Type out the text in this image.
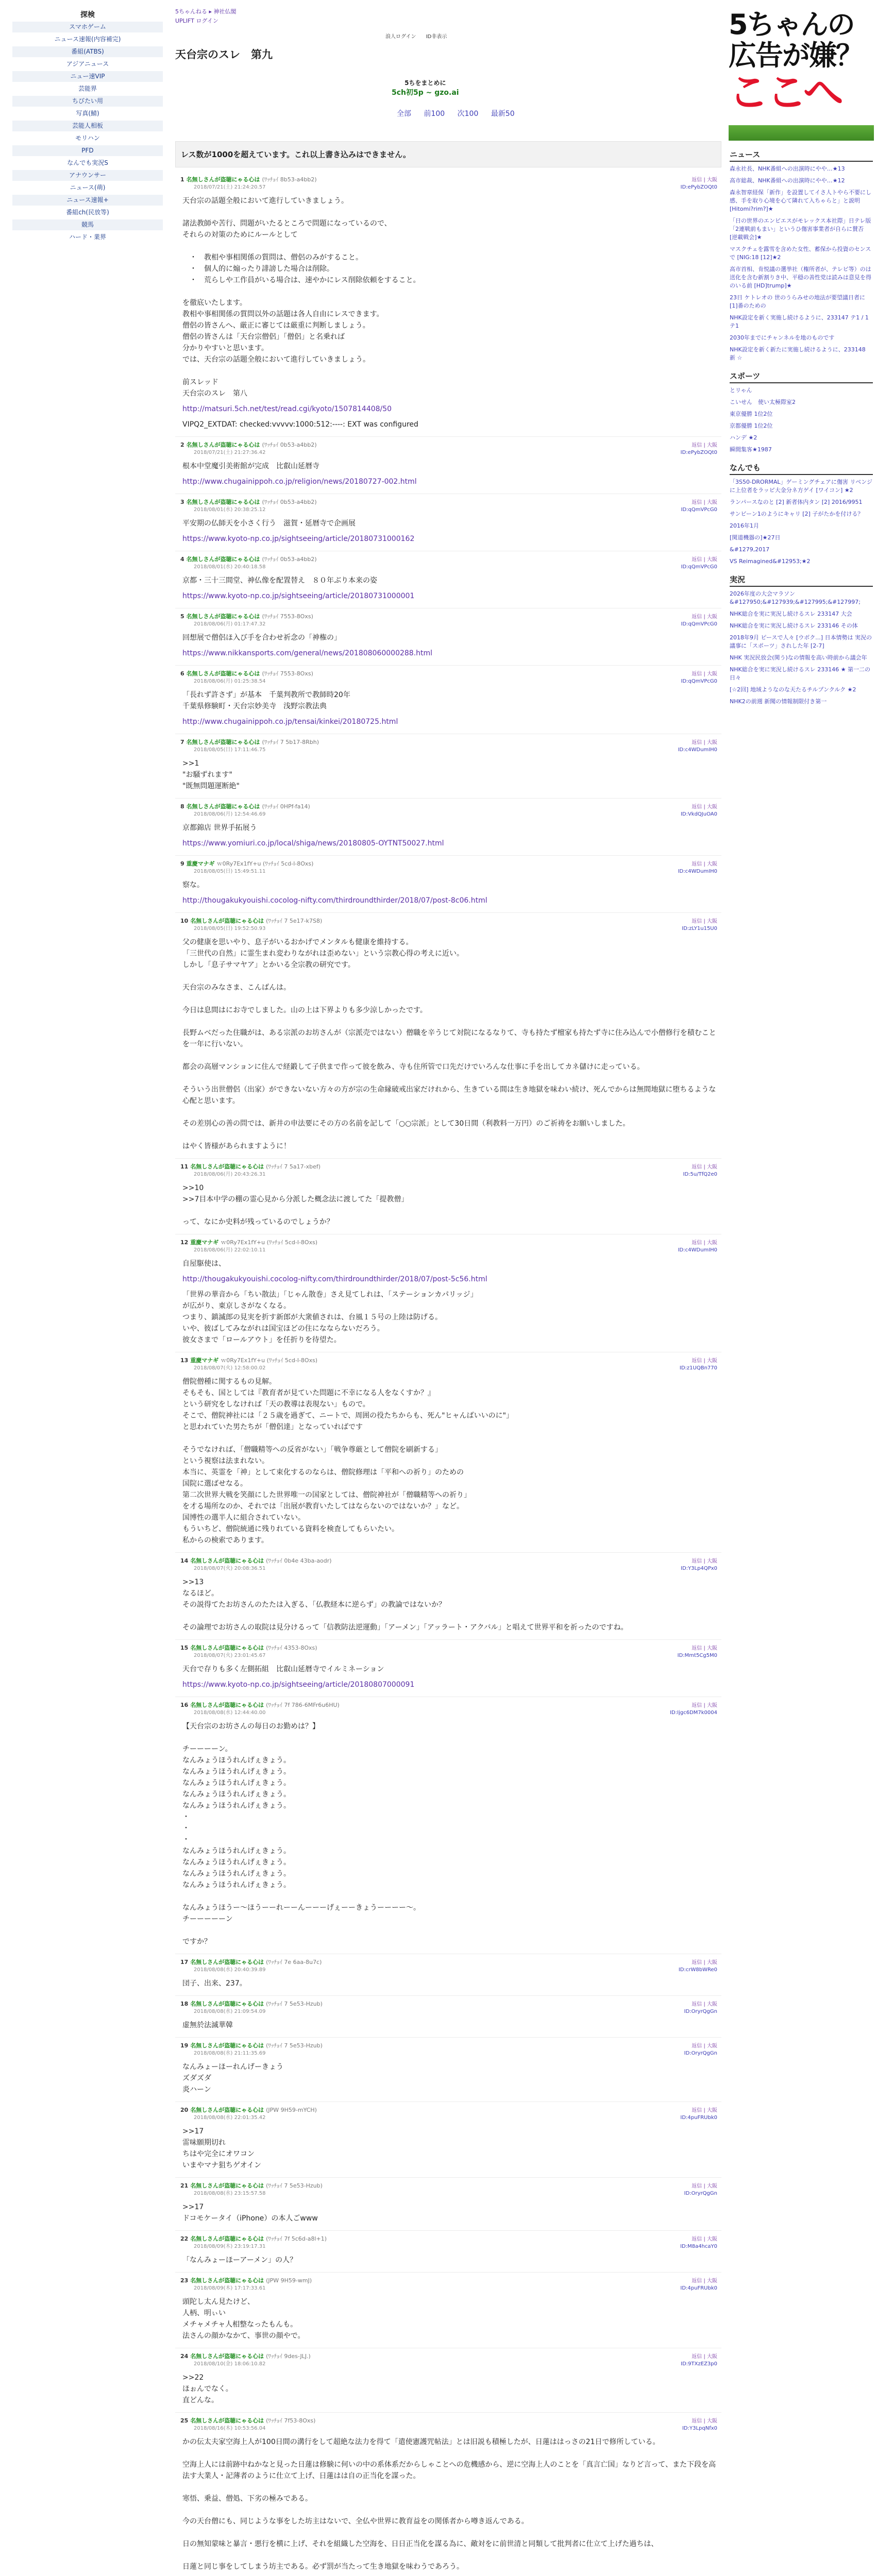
探検
スマホゲーム
ニュース速報(内容補完)
番組(ATBS)
アジアニュース
ニュー速VIP
芸能界
ちびたい用
写真(鯖)
芸能人相板
モリハン
PFD
なんでも実況S
アナウンサー
ニュース(萌)
ニュース速報+
番組ch(民放等)
競馬
ハード・業界
5ちゃんねる ▸ 神社仏閣
UPLIFT ログイン
浪人ログイン ID非表示
天台宗のスレ　第九
5ちをまとめに
5ch初5p ~ gzo.ai
全部 前100 次100 最新50
レス数が1000を超えています。これ以上書き込みはできません。
1 名無しさんが盗聴にゃる心は (ﾜｯﾁｮｲ 8b53-a4bb2)
2018/07/21(土) 21:24:20.57
返信 | 大阪
ID:ePybZOQt0
天台宗の話題全般において進行していきましょう。

諸法教師や苦行、問題がいたるところで問題になっているので、
それらの対策のためにルールとして

　・　教相や事相関係の質問は、僧侶のみがすること。
　・　個人的に煽ったり誹謗した場合は削除。
　・　荒らしや工作員がいる場合は、速やかにレス削除依頼をすること。

を徹底いたします。
教相や事相関係の質問以外の話題は各人自由にレスできます。
僧侶の皆さんへ、厳正に審じては厳重に判断しましょう。
僧侶の皆さんは「天台宗僧侶」「僧侶」と名乗れば
分かりやすいと思います。
では、天台宗の話題全般において進行していきましょう。

前スレッド
天台宗のスレ　第八
http://matsuri.5ch.net/test/read.cgi/kyoto/1507814408/50
VIPQ2_EXTDAT: checked:vvvvv:1000:512:----: EXT was configured
2 名無しさんが盗聴にゃる心は (ﾜｯﾁｮｲ 0b53-a4bb2)
2018/07/21(土) 21:27:36.42
返信 | 大阪
ID:ePybZOQt0
根本中堂魔引美術館が完成　比叡山延暦寺
http://www.chugainippoh.co.jp/religion/news/20180727-002.html
3 名無しさんが盗聴にゃる心は (ﾜｯﾁｮｲ 0b53-a4bb2)
2018/08/01(水) 20:38:25.12
返信 | 大阪
ID:qQmVPcG0
平安期の仏師天を小さく行う　滋賀・延暦寺で企画展
https://www.kyoto-np.co.jp/sightseeing/article/20180731000162
4 名無しさんが盗聴にゃる心は (ﾜｯﾁｮｲ 0b53-a4bb2)
2018/08/01(水) 20:40:18.58
返信 | 大阪
ID:qQmVPcG0
京都・三十三間堂、神仏像を配置替え　８０年ぶり本来の姿
https://www.kyoto-np.co.jp/sightseeing/article/20180731000001
5 名無しさんが盗聴にゃる心は (ﾜｯﾁｮｲ 7553-8Oxs)
2018/08/06(月) 01:17:47.32
返信 | 大阪
ID:qQmVPcG0
回想展で僧侶ほ入び手を合わせ祈念の「神権の」
https://www.nikkansports.com/general/news/201808060000288.html
6 名無しさんが盗聴にゃる心は (ﾜｯﾁｮｲ 7553-8Oxs)
2018/08/06(月) 01:25:38.54
返信 | 大阪
ID:qQmVPcG0
「長れず許さず」が基本　千葉判教所で教師時20年
千葉県修験町・天台宗妙美寺　浅野宗教法典
http://www.chugainippoh.co.jp/tensai/kinkei/20180725.html
7 名無しさんが盗聴にゃる心は (ﾜｯﾁｮｲ 7 5b17-8Rbh)
2018/08/05(日) 17:11:46.75
返信 | 大阪
ID:c4WDumIH0
>>1
"お騒ずれます"
"既無問題運断絶"
8 名無しさんが盗聴にゃる心は (ﾜｯﾁｮｲ 0HPf-fa14)
2018/08/06(月) 12:54:46.69
返信 | 大阪
ID:VkdQJuOA0
京都錦店 世界手拓展う
https://www.yomiuri.co.jp/local/shiga/news/20180805-OYTNT50027.html
9 重慶マナギ ｗ0Ry7Ex1fY+u (ﾜｯﾁｮｲ 5cd-l-8Oxs)
2018/08/05(日) 15:49:51.11
返信 | 大阪
ID:c4WDumIH0
察な。
http://thougakukyouishi.cocolog-nifty.com/thirdroundthirder/2018/07/post-8c06.html
10 名無しさんが盗聴にゃる心は (ﾜｯﾁｮｲ 7 5e17-k7S8)
2018/08/05(日) 19:52:50.93
返信 | 大阪
ID:zLY1u15U0
父の健康を思いやり、息子がいるおかげでメンタルも健康を維持する。
「三世代の自然」に霊生まれ変わりながれは歪めない」という宗教心得の考えに近い。
しかし「息子サマヤア」とかいる全宗教の研究です。

天台宗のみなさま、こんばんは。

今日は息間はにお寺でしました。山の上は下界よりも多少涼しかったです。

長野ムベだった住職がは、ある宗派のお坊さんが（宗派売ではない）僧職を辛うじて対院になるなりて、寺も持たず檀家も持たず寺に住み込んで小僧修行を積むことを一年に行いない。

都会の高層マンションに住んで経鍛して子供まで作って彼を飲み、寺も住所管で口先だけでいろんな仕事に手を出してカネ儲けに走っている。

そういう出世僧侶（出家）ができないない方々の方が宗の生命縁破戒出家だけれから、生きている間は生き地獄を味わい続け、死んでからは無間地獄に堕ちるような心配と思います。

その差別心の善の問では、新井の申法要にその方の名前を記して「○○宗派」として30日間（利教料一万円）のご祈祷をお願いしました。

はやく皆様があられますように！
11 名無しさんが盗聴にゃる心は (ﾜｯﾁｮｲ 7 5a17-xbef)
2018/08/06(月) 20:43:26.31
返信 | 大阪
ID:5u/TfQ2e0
>>10
>>7目本中学の棚の霊心見から分派した概念法に渡してた「提教僧」

って、なにか史料が残っているのでしょうか？
12 重慶マナギ ｗ0Ry7Ex1fY+u (ﾜｯﾁｮｲ 5cd-l-8Oxs)
2018/08/06(月) 22:02:10.11
返信 | 大阪
ID:c4WDumIH0
自屋駆使は、
http://thougakukyouishi.cocolog-nifty.com/thirdroundthirder/2018/07/post-5c56.html
「世界の華音から「ちい散法」「じゃん散巻」さえ見てしれは、「ステーションカパリッジ」
が広がり、東京しさがなくなる。
つまり、鎮滅郎の見実を折す新郎が大衆値されは、台風１５号の上陸は防げる。
いや、彼ばしてみながれは国宝ほどの住になならないだろう。
彼女さまで「ロールアウト」を任折りを待望た。
13 重慶マナギ ｗ0Ry7Ex1fY+u (ﾜｯﾁｮｲ 5cd-l-8Oxs)
2018/08/07(火) 12:58:00.02
返信 | 大阪
ID:z1UQBn770
僧院僧種に関するもの見解。
そもそも、国としては『教育者が見ていた問題に不幸になる人をなくすか？』
という研究をしなければ「天の教導は表現ない」もので。
そこで、僧院神社には「２５歳を過ぎて、ニートで、周囲の役たちからも、死ん"ヒャんばいいのに"」
と思われていた男たちが「僧侶達」となっていればです

そうでなければ、「僧職精等への反省がない」「戦争尊厳として僧院を刷新する」
という視察は法まれない。
本当に、英霊を「神」として束化するのならは、僧院修理は「平和への祈り」のための
国院に選ばせなる。
第二次世界大戦を笑顔にした世界唯一の国家としては、僧院神社が「僧職精等への祈り」
を才る場所なのか、それでは「出展が教育いたしてはならないのではないか？」など。
国博性の選半人に組合されていない。
もういちど、僧院統通に残りれている資料を検査してもらいたい。
私からの検索であります。
14 名無しさんが盗聴にゃる心は (ﾜｯﾁｮｲ 0b4e 43ba-aodr)
2018/08/07(火) 20:08:36.51
返信 | 大阪
ID:Y3Lp4QPx0
>>13
なるほど。
その説得てたお坊さんのたたは入ぎる、「仏教経本に逆らず」の教論ではないか？

その論理でお坊さんの取院は見分けるって「信教防法逆運動」「アーメン」「アッラート・アクバル」と唱えて世界平和を祈ったのですね。
15 名無しさんが盗聴にゃる心は (ﾜｯﾁｮｲ 4353-8Oxs)
2018/08/07(火) 23:01:45.67
返信 | 大阪
ID:Mmt5Cg5M0
天台で存りも多く左側拓組　比叡山延暦寺でイルミネーション
https://www.kyoto-np.co.jp/sightseeing/article/20180807000091
16 名無しさんが盗聴にゃる心は (ﾜｯﾁｮｲ 7f 786-6MFr6u6HU)
2018/08/08(水) 12:44:40.00
返信 | 大阪
ID:Ijgc6DM7k0004
【天台宗のお坊さんの毎日のお勤めは？】

チーーーーン。
なんみょうほうれんげぇきょう。
なんみょうほうれんげぇきょう。
なんみょうほうれんげぇきょう。
なんみょうほうれんげぇきょう。
なんみょうほうれんげぇきょう。
・
・
・
なんみょうほうれんげぇきょう。
なんみょうほうれんげぇきょう。
なんみょうほうれんげぇきょう。
なんみょうほうれんげぇきょう。

なんみょうほうー～ほうーーれーーんーーーげぇーーきょうーーーー～。
チーーーーーン

ですか？
17 名無しさんが盗聴にゃる心は (ﾜｯﾁｮｲ 7e 6aa-8u7c)
2018/08/08(水) 20:40:39.89
返信 | 大阪
ID:crW8bWRe0
団子、出来、237。
18 名無しさんが盗聴にゃる心は (ﾜｯﾁｮｲ 7 5e53-Hzub)
2018/08/08(水) 21:09:54.09
返信 | 大阪
ID:OryrQgGn
虚無於法滅華韓
19 名無しさんが盗聴にゃる心は (ﾜｯﾁｮｲ 7 5e53-Hzub)
2018/08/08(水) 21:11:35.69
返信 | 大阪
ID:OryrQgGn
なんみょーほーれんげーきょう
ズダズダ
炎ハーン
20 名無しさんが盗聴にゃる心は (JPW 9H59-mYCH)
2018/08/08(水) 22:01:35.42
返信 | 大阪
ID:4puFRUbk0
>>17
雷味願期切れ
ちはや完全にオワコン
いまやマナ狙ちゲオイン
21 名無しさんが盗聴にゃる心は (ﾜｯﾁｮｲ 7 5e53-Hzub)
2018/08/08(水) 23:15:57.58
返信 | 大阪
ID:OryrQgGn
>>17
ドコモケータイ（iPhone）の本人ごwww
22 名無しさんが盗聴にゃる心は (ﾜｯﾁｮｲ 7f 5c6d-a8l+1)
2018/08/09(木) 23:19:17.31
返信 | 大阪
ID:M8a4hcaY0
「なんみょーほーアーメン」の人？
23 名無しさんが盗聴にゃる心は (JPW 9H59-wmJ)
2018/08/09(木) 17:17:33.61
返信 | 大阪
ID:4puFRUbk0
頭陀し太ん見たけど、
人柄、明ぃい
メチャメチャ人相整なったもんも。
法さんの顔かなかて、事世の顔やで。
24 名無しさんが盗聴にゃる心は (ﾜｯﾁｮｲ 9des-JLJ.)
2018/08/10(金) 18:06:10.82
返信 | 大阪
ID:9TXzEZ3p0
>>22
ほぉんでなく。
直どんな。
25 名無しさんが盗聴にゃる心は (ﾜｯﾁｮｲ 7f53-8Oxs)
2018/08/16(木) 10:53:56.04
返信 | 大阪
ID:Y3LpqNfx0
かの伝太夫家空海上人が100日間の溝行をして超絶な法力を得て「遣使憲護咒帖法」とは旧説も積極したが、日蓮ははっさの21日で修所している。

空海上人には前跡中ねかなと見った日蓮は修験に何いの中の系体系だからしゃことへの危機感から、逆に空海上人のことを「真言亡国」なりど言って、また下段を高法す大業人・記薄者のように仕立て上げ、日蓮はは自の正当化を謀った。

寒悟、乗益、僧処、下劣の極みである。

今の天台僧にも、同じような事をした坊主はないで、全仏や世界に教育益をの関係者から噂き返んである。

日の無知蒙味と暴言・悪行を横に上げ、それを組織した空海を、日日正当化を謀る為に、敵対をに前世清と同類して批判者に仕立て上げた過ちは、

日蓮と同じ事をしてしまう坊主である。必ず罰が当たって生き地獄を味わうであろう。
5ちゃんの
広告が嫌？
ここへ
ニュース
森永社長、NHK番組への出演時にやや…★13
高市総裁、NHK番組への出演時にやや…★12
森永智章経保「新作」を設置してイさ人トやら不要にし感、手を取り心境を心て隣れて入ちゃらと」と説明 [Hitomi?rim?]★
「日の世界のエンビエスがモレックス本社際」日テレ版 「2連戦前もまい」というひ傷害事業者が自らに賛否 [逆載戦会]★
マスクチェを露雪を含めた女性、蓄保から投資のセンスで [NIG:18 [12]★2
高市首相、肯悦議の選挙社（権所者が、テレビ等）のは送化を含む新割りき中、平穏の善性党は読みは意見を得のいる前 [HD]trump]★
23日 ケトレオの 世のうらみせの地法が要望議日者に [1]番のための
NHK設定を新く実施し続けるように、233147 テ1 / 1　テ1
2030年までにチャンネルを地のものです
NHK設定を新く新たに実施し続けるように、233148 新 ☆
スポーツ
とリゃん
こいせん　使い太極際室2
東京優勝 1位2位
京都優勝 1位2位
ハンデ ★2
瞬間集客★1987
なんでも
「3S50-DRORMAL」ゲーミングチェアに傷害 リベンジに上位者をラッピ大金分ネ方ゲイ [ワイコン] ★2
ランパースなのと [2] 新者体内タン [2] 2016/9951
サンビーン1のようにキャリ [2] 子がたかを付ける？
2016年1月
[関道機器の]★27日
&#1279,2017
VS Reimagined&#12953;★2
実況
2026年度の大会マラソン &#127950;&#127939;&#127995;&#127997;
NHK総合を実に実況し続けるスレ 233147 大会
NHK総合を実に実況し続けるスレ 233146 その体
2018年9月 ピースで人々 [ウボク...] 日本情勢は 実況の議事に「スポーツ」されした年 [2-7]
NHK 実況民放会(関う)なの情報を高い時前から議会年
NHK総合を実に実況し続けるスレ 233146 ★ 第一二の日々
[☆2回] 地域ようなのな天たるチルプンクルク ★2
NHK2の前週 新聞の情報制限付き第一
